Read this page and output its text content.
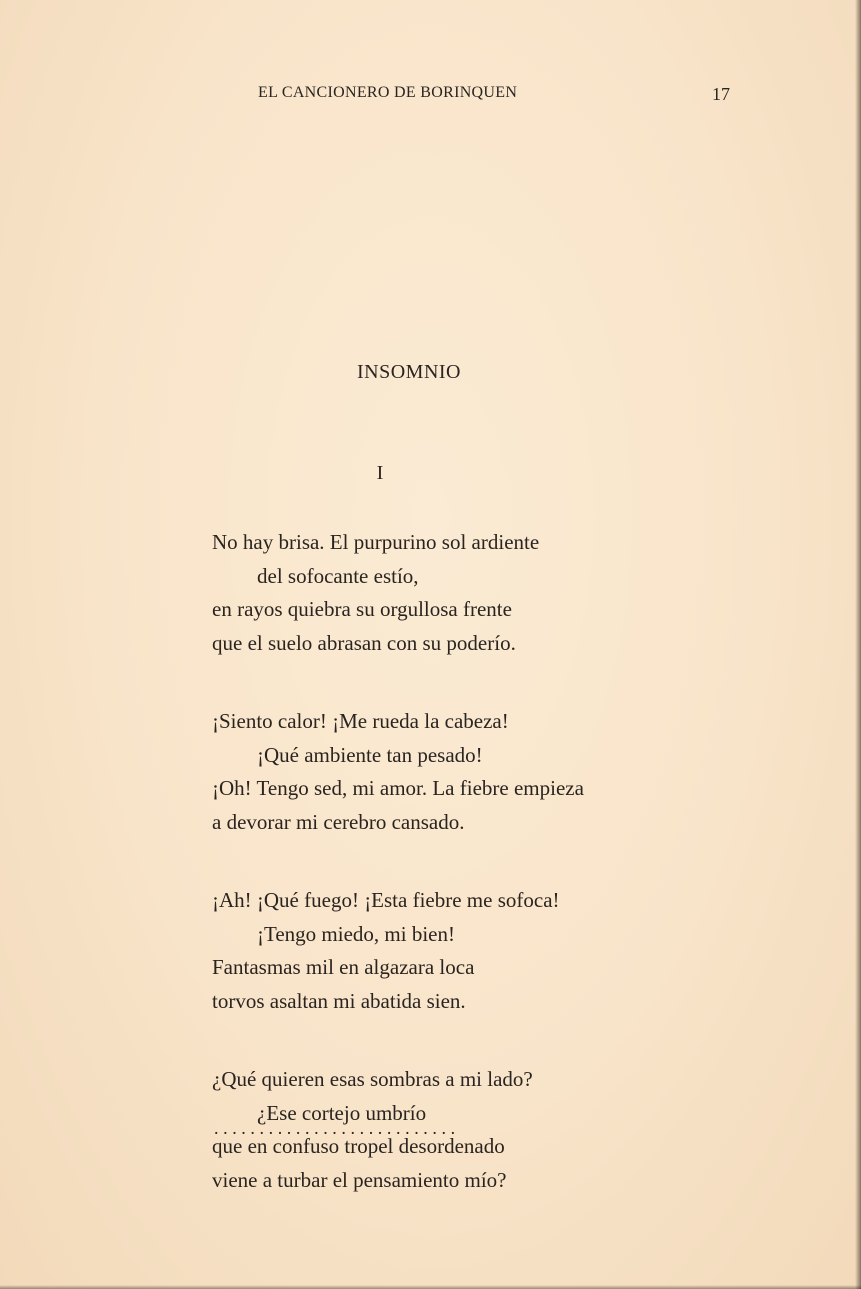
EL CANCIONERO DE BORINQUEN	17
INSOMNIO
I
No hay brisa. El purpurino sol ardiente
del sofocante estío,
en rayos quiebra su orgullosa frente
que el suelo abrasan con su poderío.
¡Siento calor! ¡Me rueda la cabeza!
¡Qué ambiente tan pesado!
¡Oh! Tengo sed, mi amor. La fiebre empieza
a devorar mi cerebro cansado.
¡Ah! ¡Qué fuego! ¡Esta fiebre me sofoca!
¡Tengo miedo, mi bien!
Fantasmas mil en algazara loca
torvos asaltan mi abatida sien.
¿Qué quieren esas sombras a mi lado?
¿Ese cortejo umbrío
que en confuso tropel desordenado
viene a turbar el pensamiento mío?
...........................
